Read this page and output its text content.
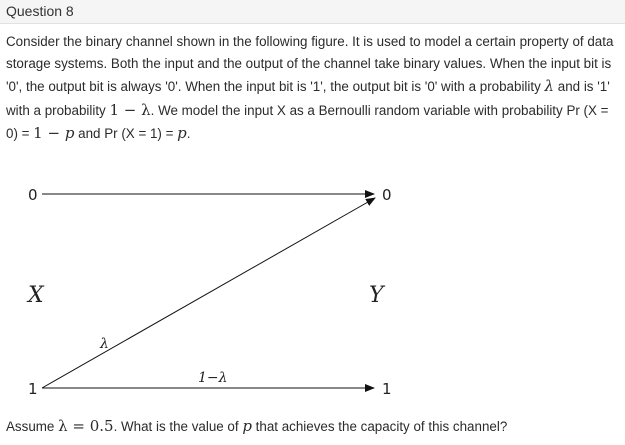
Question 8
Consider the binary channel shown in the following figure. It is used to model a certain property of data storage systems. Both the input and the output of the channel take binary values. When the input bit is '0', the output bit is always '0'. When the input bit is '1', the output bit is '0' with a probability λ and is '1' with a probability 1 − λ. We model the input X as a Bernoulli random variable with probability Pr (X = 0) = 1 − p and Pr (X = 1) = p.
0
1
0
1
X	Y
λ
1−λ
Assume λ = 0.5. What is the value of p that achieves the capacity of this channel?
